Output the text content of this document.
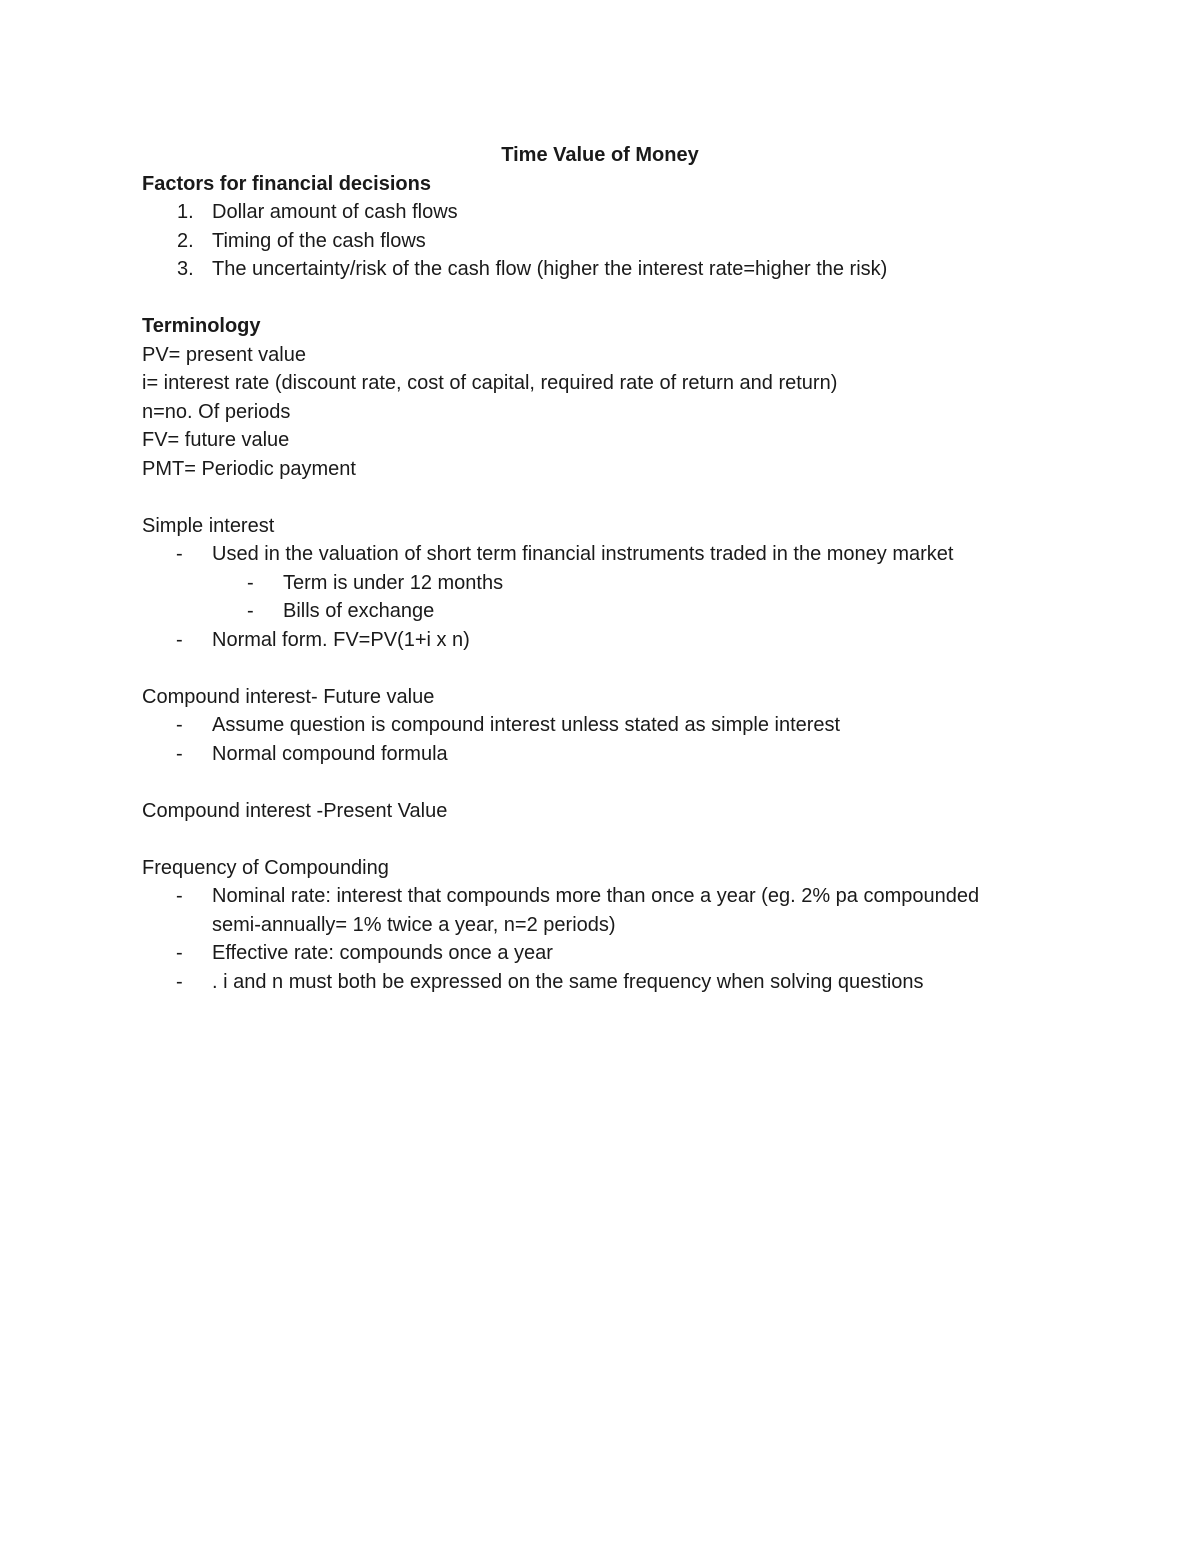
Time Value of Money
Factors for financial decisions
1. Dollar amount of cash flows
2. Timing of the cash flows
3. The uncertainty/risk of the cash flow (higher the interest rate=higher the risk)
Terminology
PV= present value
i= interest rate (discount rate, cost of capital, required rate of return and return)
n=no. Of periods
FV= future value
PMT= Periodic payment
Simple interest
- Used in the valuation of short term financial instruments traded in the money market
- Term is under 12 months
- Bills of exchange
- Normal form. FV=PV(1+i x n)
Compound interest- Future value
- Assume question is compound interest unless stated as simple interest
- Normal compound formula
Compound interest -Present Value
Frequency of Compounding
- Nominal rate: interest that compounds more than once a year (eg. 2% pa compounded
semi-annually= 1% twice a year, n=2 periods)
- Effective rate: compounds once a year
- . i and n must both be expressed on the same frequency when solving questions
